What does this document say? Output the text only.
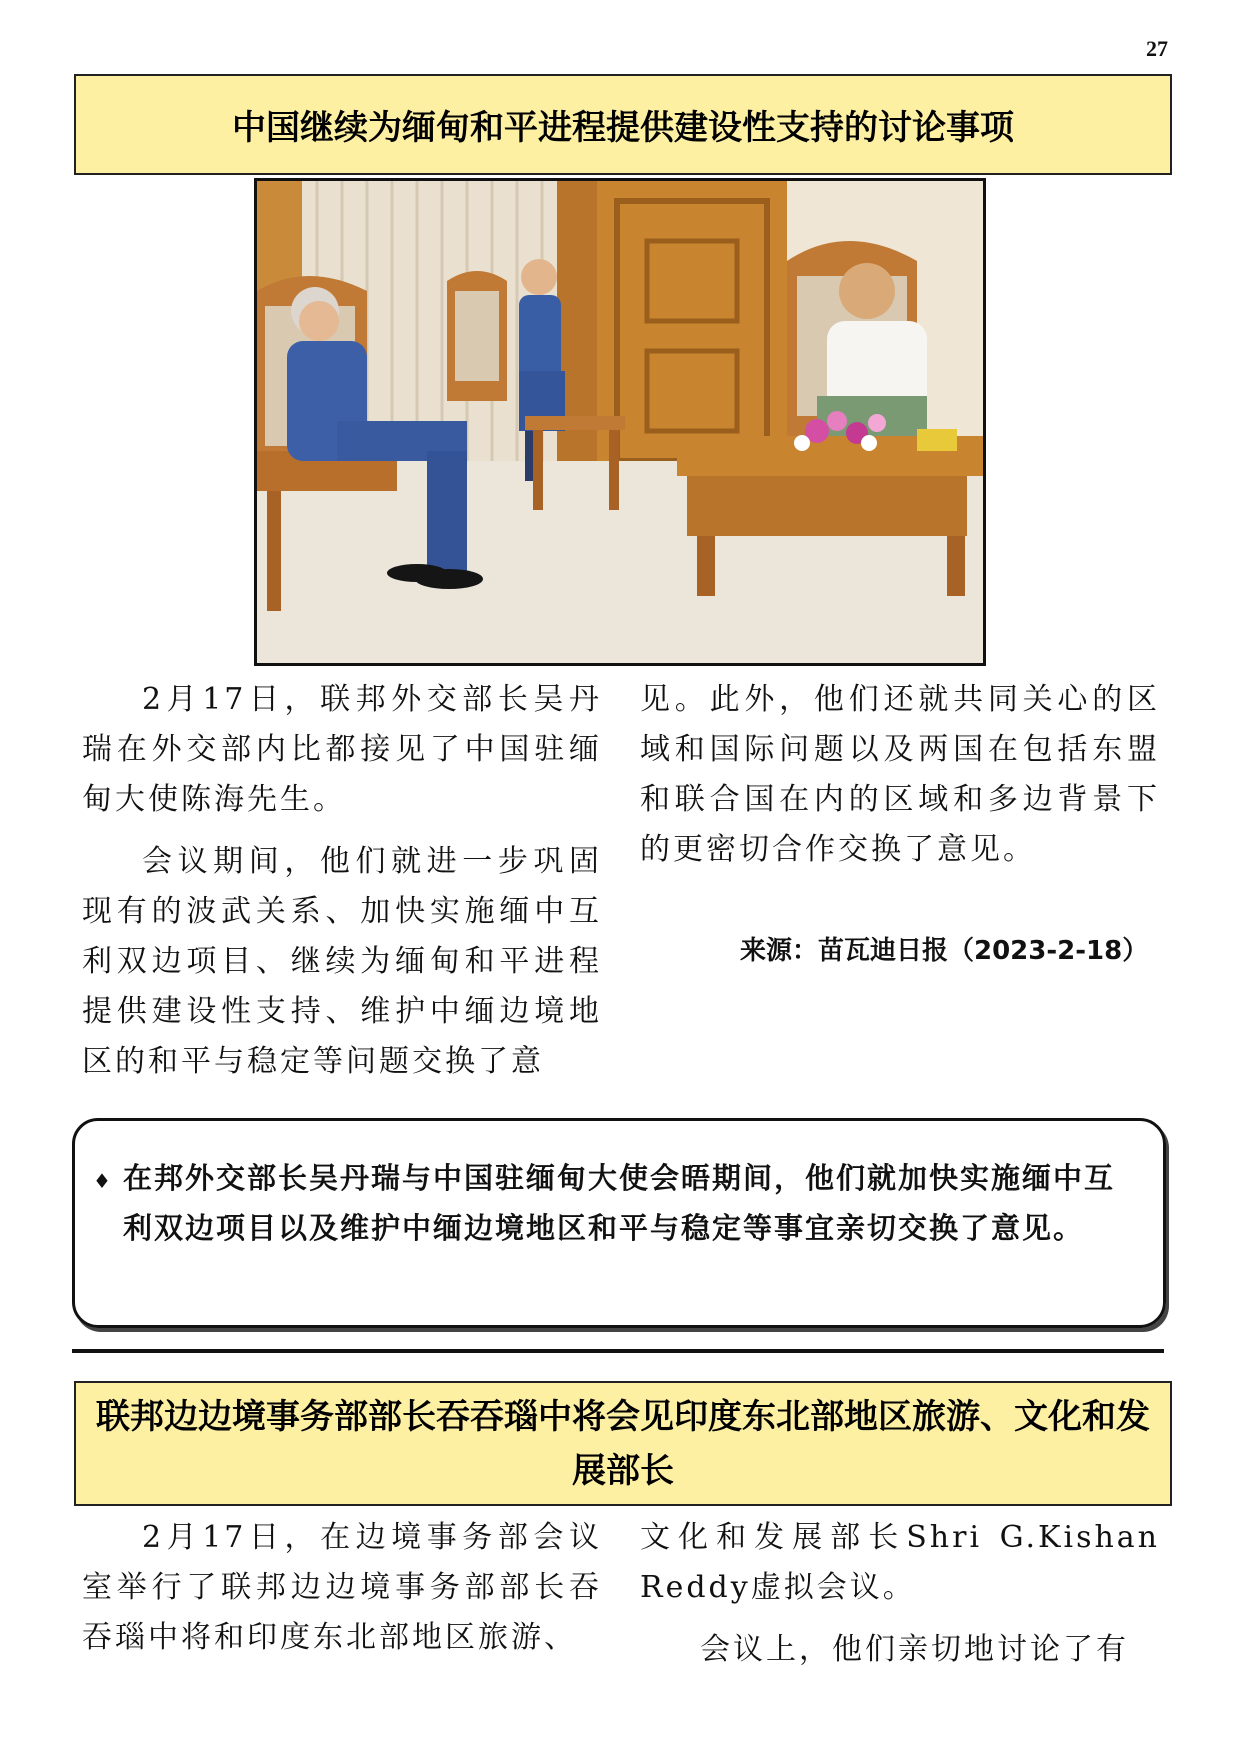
27
中国继续为缅甸和平进程提供建设性支持的讨论事项

2月17日，联邦外交部长吴丹瑞在外交部内比都接见了中国驻缅甸大使陈海先生。

会议期间，他们就进一步巩固现有的波武关系、加快实施缅中互利双边项目、继续为缅甸和平进程提供建设性支持、维护中缅边境地区的和平与稳定等问题交换了意

见。此外，他们还就共同关心的区域和国际问题以及两国在包括东盟和联合国在内的区域和多边背景下的更密切合作交换了意见。

来源：苗瓦迪日报（2023-2-18）
♦ 在邦外交部长吴丹瑞与中国驻缅甸大使会晤期间，他们就加快实施缅中互利双边项目以及维护中缅边境地区和平与稳定等事宜亲切交换了意见。
联邦边边境事务部部长吞吞瑙中将会见印度东北部地区旅游、文化和发展部长

2月17日，在边境事务部会议室举行了联邦边边境事务部部长吞吞瑙中将和印度东北部地区旅游、

文化和发展部长Shri G.Kishan Reddy虚拟会议。

会议上，他们亲切地讨论了有
